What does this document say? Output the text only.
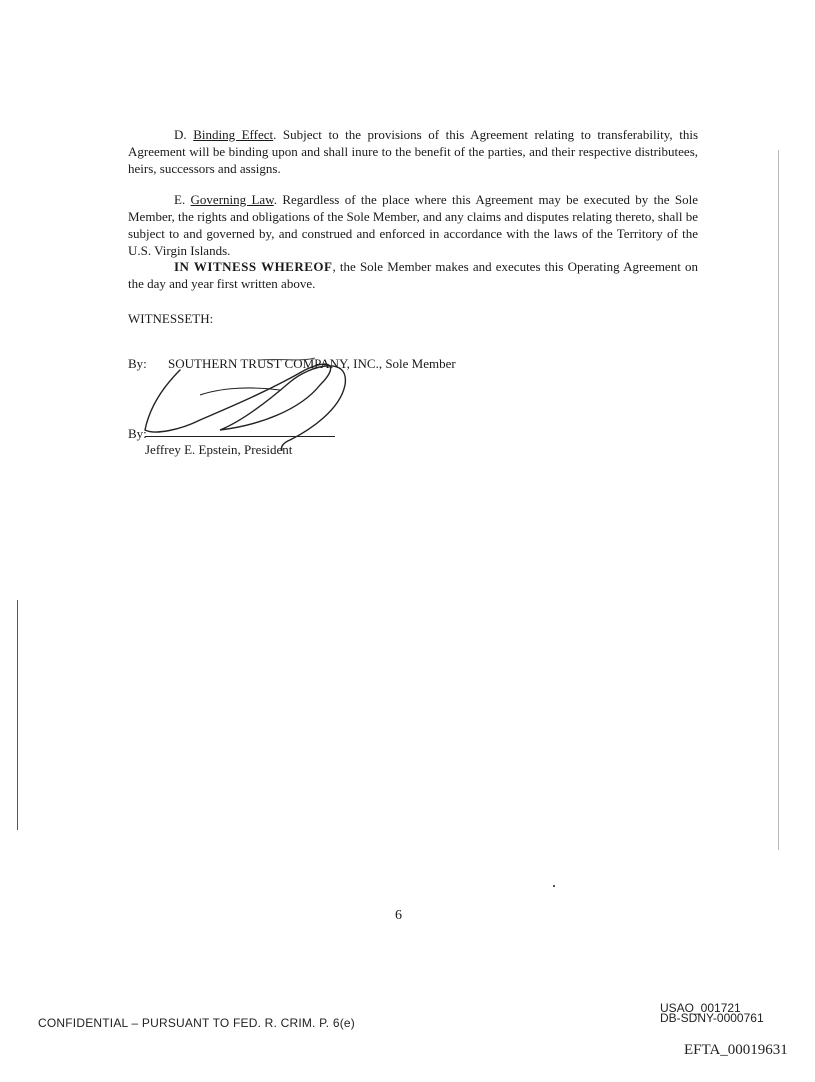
D. Binding Effect. Subject to the provisions of this Agreement relating to transferability, this Agreement will be binding upon and shall inure to the benefit of the parties, and their respective distributees, heirs, successors and assigns.

E. Governing Law. Regardless of the place where this Agreement may be executed by the Sole Member, the rights and obligations of the Sole Member, and any claims and disputes relating thereto, shall be subject to and governed by, and construed and enforced in accordance with the laws of the Territory of the U.S. Virgin Islands.

IN WITNESS WHEREOF, the Sole Member makes and executes this Operating Agreement on the day and year first written above.

WITNESSETH:
By: SOUTHERN TRUST COMPANY, INC., Sole Member
By:
Jeffrey E. Epstein, President
6
CONFIDENTIAL – PURSUANT TO FED. R. CRIM. P. 6(e)
USAO_001721
DB-SDNY-0000761
EFTA_00019631
